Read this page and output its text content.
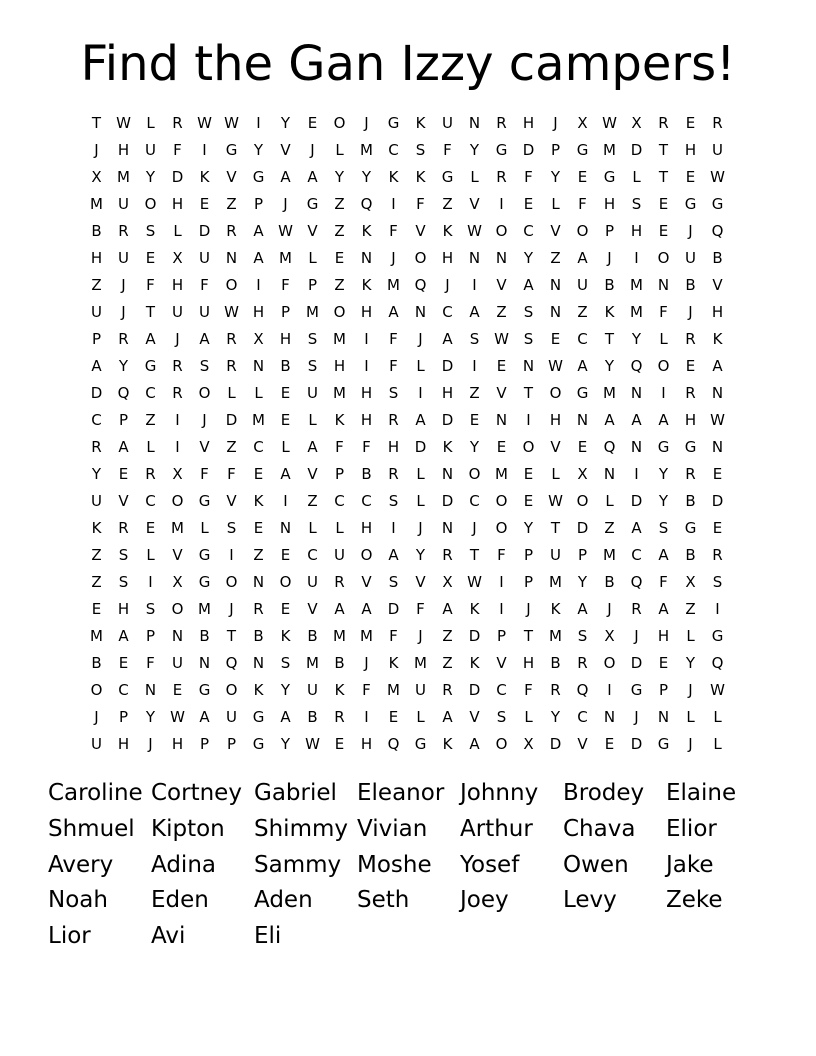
Find the Gan Izzy campers!
T	W	L	R W W	I	Y	E	O	J	G	K	U	N	R	H	J	X W X	R	E	R
J	H	U	F	I	G	Y	V	J	L	M	C	S	F	Y	G	D	P	G M D	T	H	U
X	M	Y	D	K	V	G	A	A	Y	Y	K	K	G	L	R	F	Y	E	G	L	T	E W
M	U	O	H	E	Z	P	J	G	Z	Q	I	F	Z	V	I	E	L	F	H	S	E	G	G
B	R	S	L	D	R	A W V	Z	K	F	V	K W O	C	V	O	P	H	E	J	Q
H	U	E	X	U	N	A	M	L	E	N	J	O	H	N	N	Y	Z	A	J	I	O	U	B
Z	J	F	H	F	O	I	F	P	Z	K	M Q	J	I	V	A	N	U	B	M N	B	V
U	J	T	U	U W H	P	M O	H	A	N	C	A	Z	S	N	Z	K	M	F	J	H
P	R	A	J	A	R	X	H	S	M	I	F	J	A	S W S	E	C	T	Y	L	R	K
A	Y	G	R	S	R	N	B	S	H	I	F	L	D	I	E	N W A	Y	Q	O	E	A
D	Q	C	R	O	L	L	E	U	M H	S	I	H	Z	V	T	O	G M N	I	R	N
C	P	Z	I	J	D M	E	L	K	H	R	A	D	E	N	I	H	N	A	A	A	H W
R	A	L	I	V	Z	C	L	A	F	F	H	D	K	Y	E	O	V	E	Q	N	G	G	N
Y	E	R	X	F	F	E	A	V	P	B	R	L	N	O M	E	L	X	N	I	Y	R	E
U	V	C	O	G	V	K	I	Z	C	C	S	L	D	C	O	E W O	L	D	Y	B	D
K	R	E	M	L	S	E	N	L	L	H	I	J	N	J	O	Y	T	D	Z	A	S	G	E
Z	S	L	V	G	I	Z	E	C	U	O	A	Y	R	T	F	P	U	P	M	C	A	B	R
Z	S	I	X	G	O	N	O	U	R	V	S	V	X W	I	P	M	Y	B	Q	F	X	S
E	H	S	O M	J	R	E	V	A	A	D	F	A	K	I	J	K	A	J	R	A	Z	I
M	A	P	N	B	T	B	K	B	M M	F	J	Z	D	P	T	M	S	X	J	H	L	G
B	E	F	U	N	Q	N	S	M	B	J	K	M	Z	K	V	H	B	R	O	D	E	Y	Q
O	C	N	E	G	O	K	Y	U	K	F	M	U	R	D	C	F	R	Q	I	G	P	J	W
J	P	Y	W A	U	G	A	B	R	I	E	L	A	V	S	L	Y	C	N	J	N	L	L
U	H	J	H	P	P	G	Y	W E	H	Q	G	K	A	O	X	D	V	E	D	G	J	L
Caroline Cortney Gabriel Eleanor Johnny	Brodey Elaine
Shmuel Kipton	Shimmy Vivian	Arthur	Chava	Elior
Avery	Adina	Sammy Moshe	Yosef	Owen	Jake
Noah	Eden	Aden	Seth	Joey	Levy	Zeke
Lior	Avi	Eli
